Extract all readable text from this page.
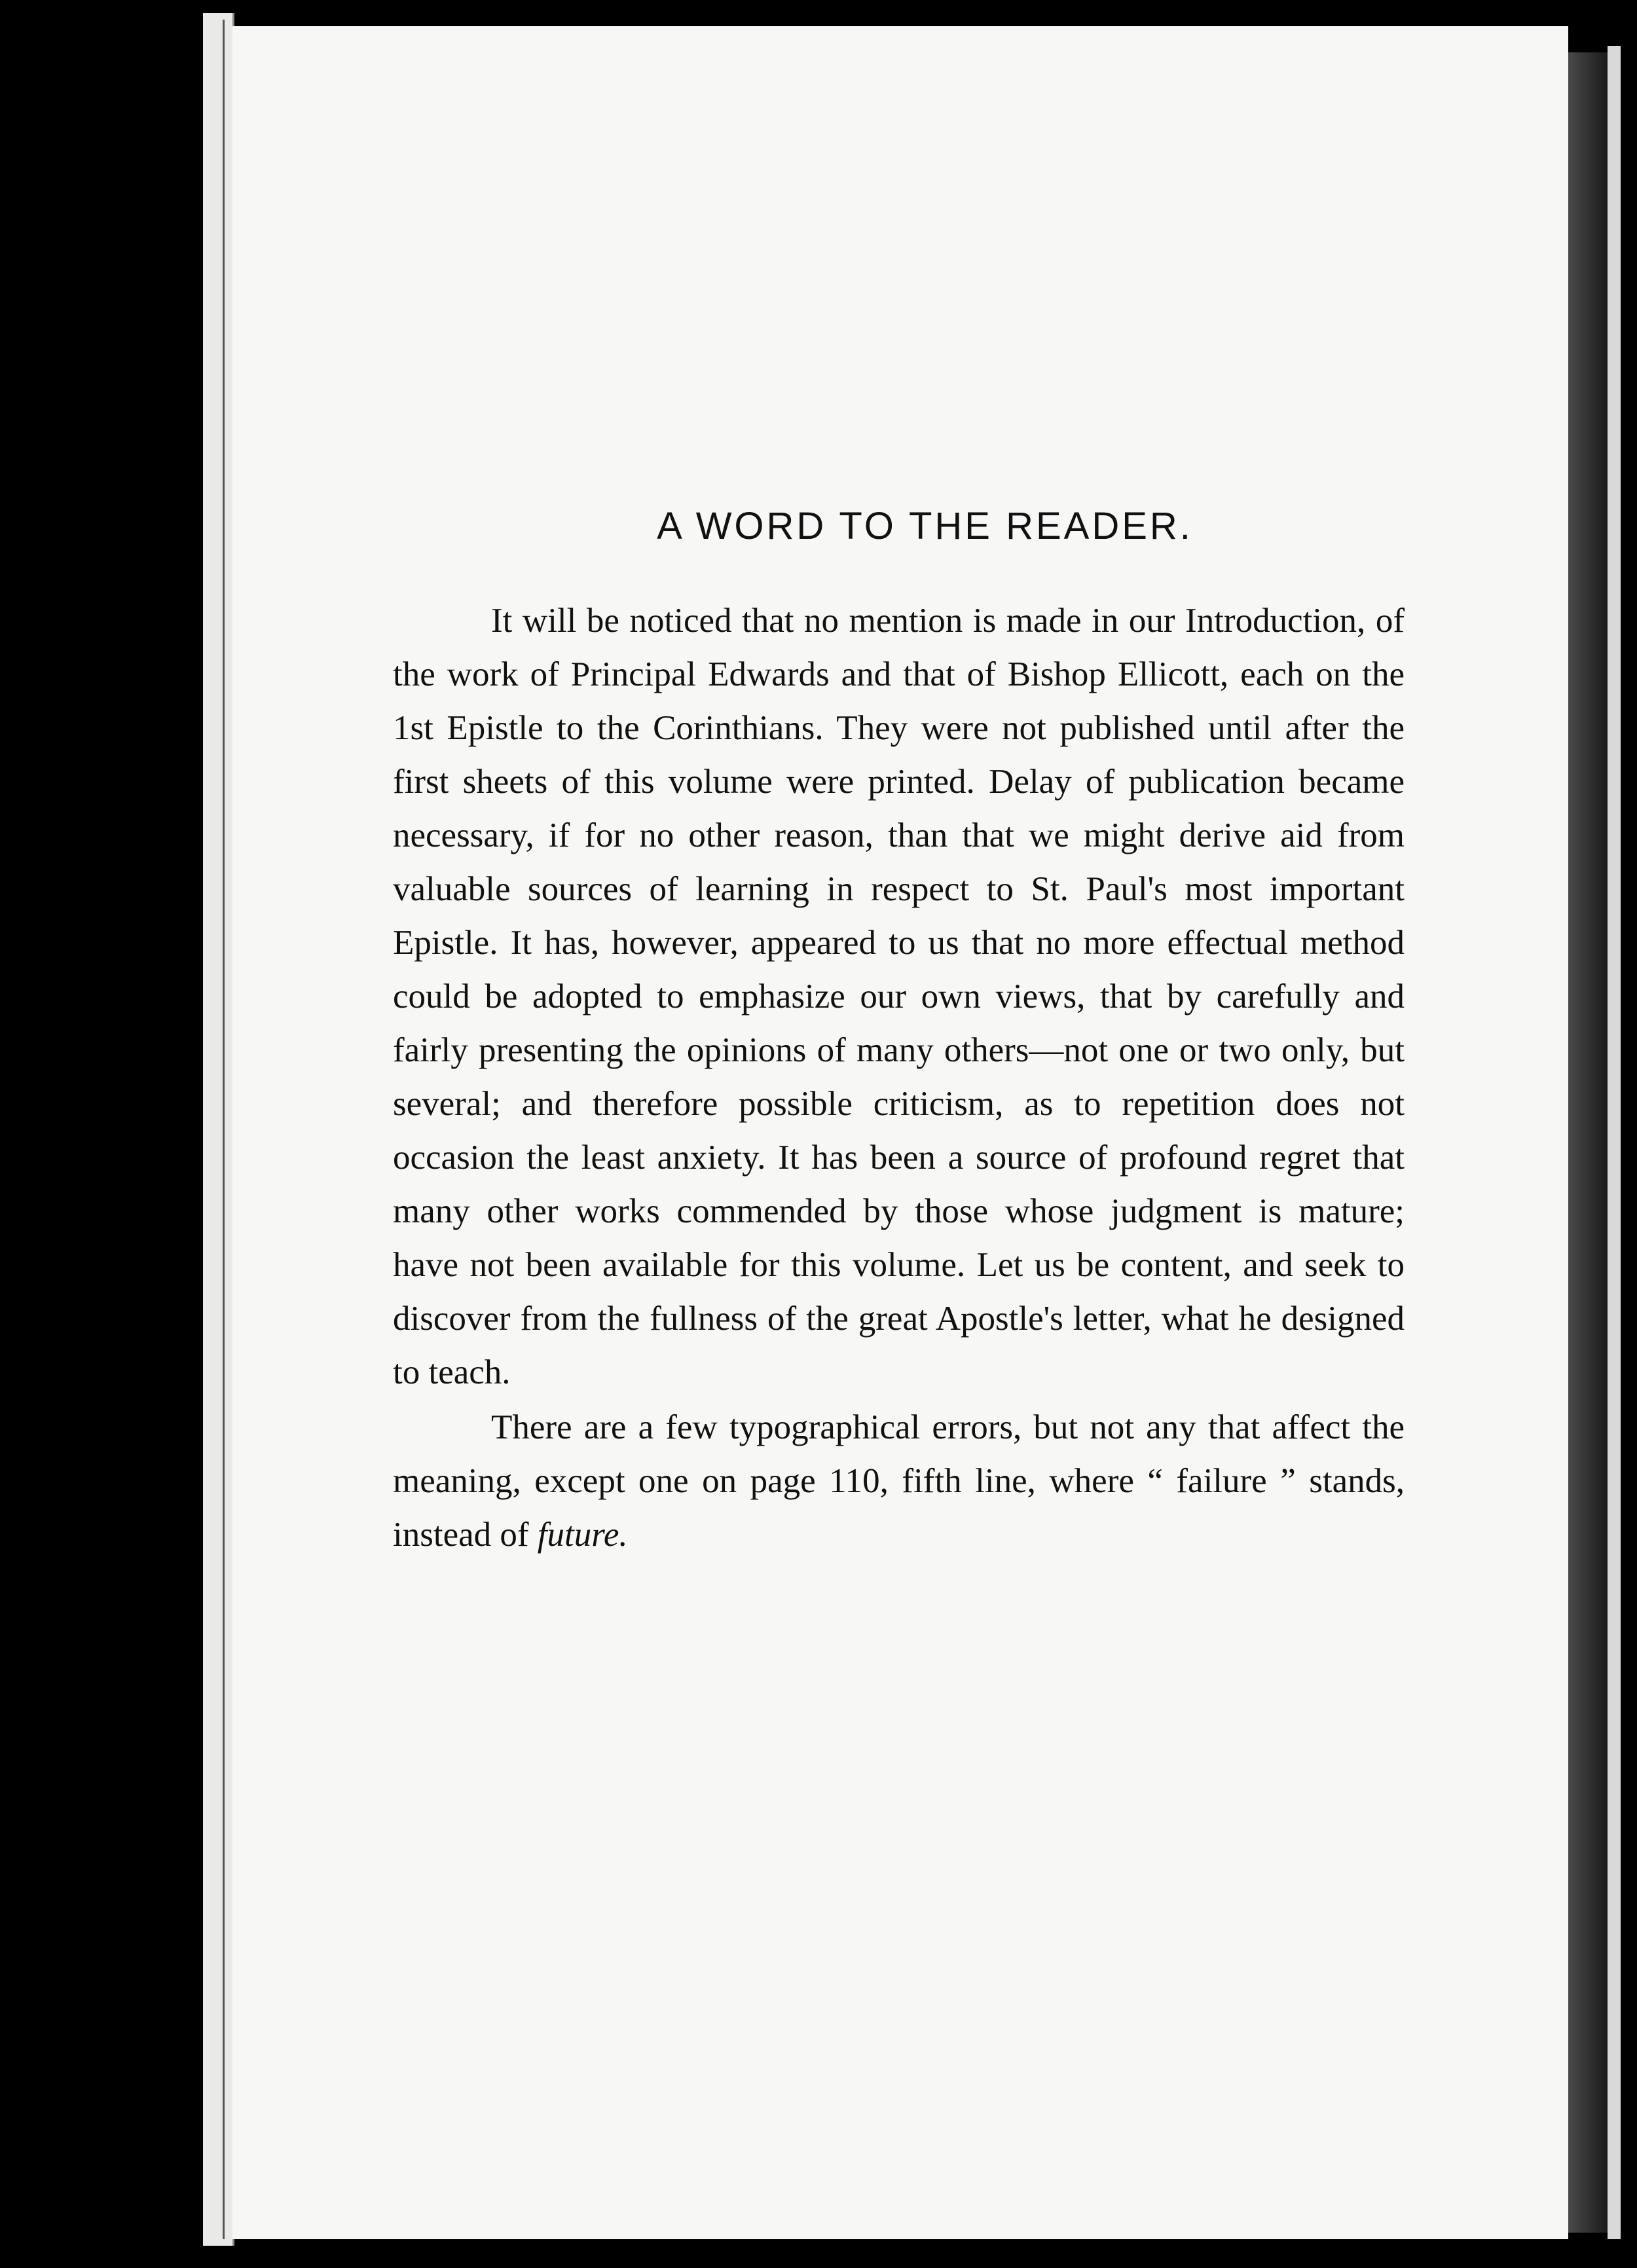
A WORD TO THE READER.

It will be noticed that no mention is made in our Introduction, of the work of Principal Edwards and that of Bishop Ellicott, each on the 1st Epistle to the Corinthians. They were not published until after the first sheets of this volume were printed. Delay of publication became necessary, if for no other reason, than that we might derive aid from valuable sources of learning in respect to St. Paul's most important Epistle. It has, however, appeared to us that no more effectual method could be adopted to emphasize our own views, that by carefully and fairly presenting the opinions of many others—not one or two only, but several; and therefore possible criticism, as to repetition does not occasion the least anxiety. It has been a source of profound regret that many other works commended by those whose judgment is mature; have not been available for this volume. Let us be content, and seek to discover from the fullness of the great Apostle's letter, what he designed to teach.

There are a few typographical errors, but not any that affect the meaning, except one on page 110, fifth line, where “ failure ” stands, instead of future.
